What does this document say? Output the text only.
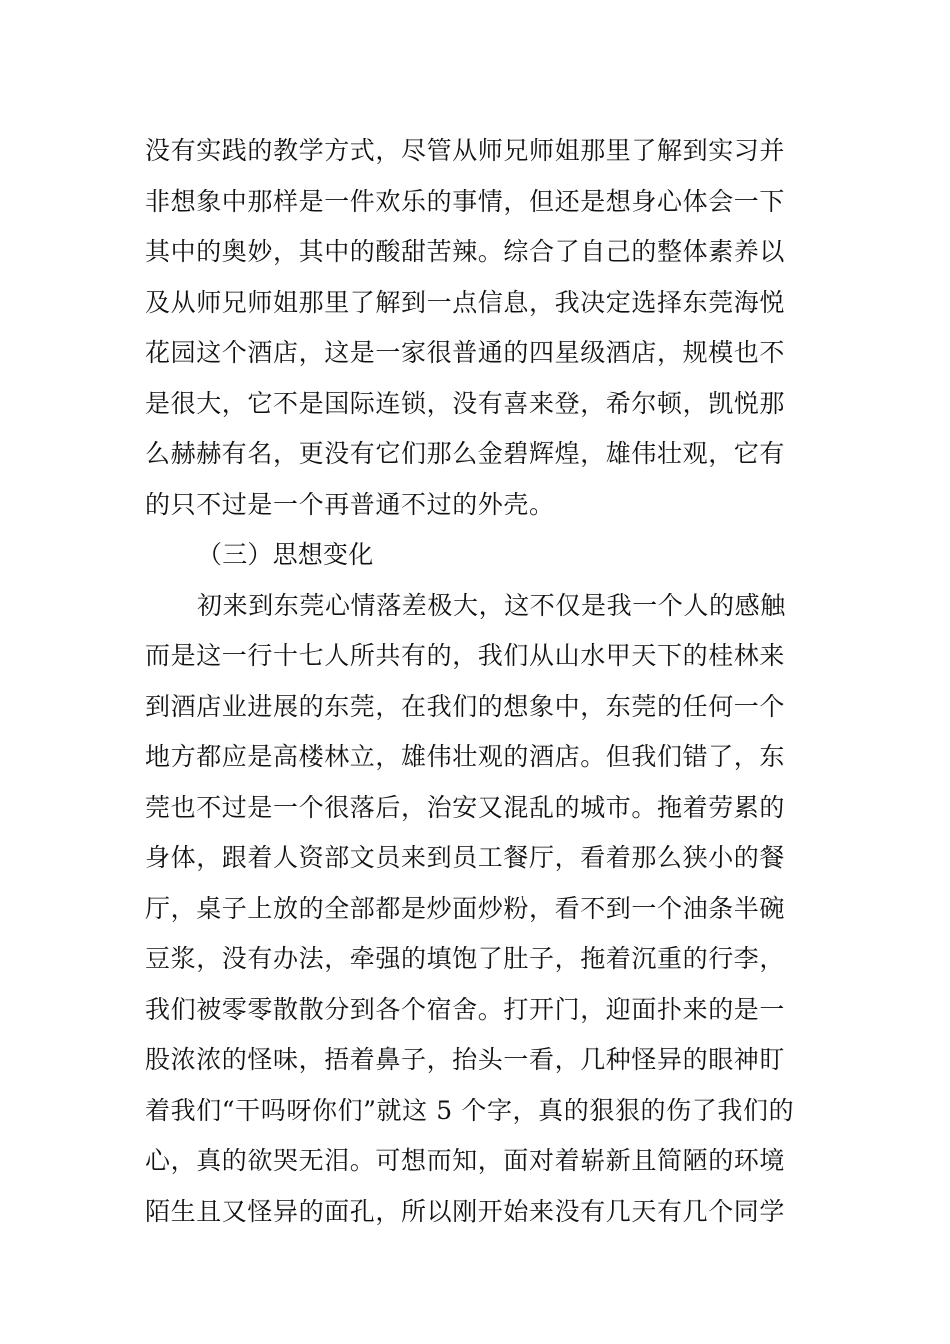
没有实践的教学方式，尽管从师兄师姐那里了解到实习并
非想象中那样是一件欢乐的事情，但还是想身心体会一下
其中的奥妙，其中的酸甜苦辣。综合了自己的整体素养以
及从师兄师姐那里了解到一点信息，我决定选择东莞海悦
花园这个酒店，这是一家很普通的四星级酒店，规模也不
是很大，它不是国际连锁，没有喜来登，希尔顿，凯悦那
么赫赫有名，更没有它们那么金碧辉煌，雄伟壮观，它有
的只不过是一个再普通不过的外壳。
（三）思想变化
初来到东莞心情落差极大，这不仅是我一个人的感触
而是这一行十七人所共有的，我们从山水甲天下的桂林来
到酒店业进展的东莞，在我们的想象中，东莞的任何一个
地方都应是高楼林立，雄伟壮观的酒店。但我们错了，东
莞也不过是一个很落后，治安又混乱的城市。拖着劳累的
身体，跟着人资部文员来到员工餐厅，看着那么狭小的餐
厅，桌子上放的全部都是炒面炒粉，看不到一个油条半碗
豆浆，没有办法，牵强的填饱了肚子，拖着沉重的行李，
我们被零零散散分到各个宿舍。打开门，迎面扑来的是一
股浓浓的怪味，捂着鼻子，抬头一看，几种怪异的眼神盯
着我们“干吗呀你们”就这 5 个字，真的狠狠的伤了我们的
心，真的欲哭无泪。可想而知，面对着崭新且简陋的环境
陌生且又怪异的面孔，所以刚开始来没有几天有几个同学
